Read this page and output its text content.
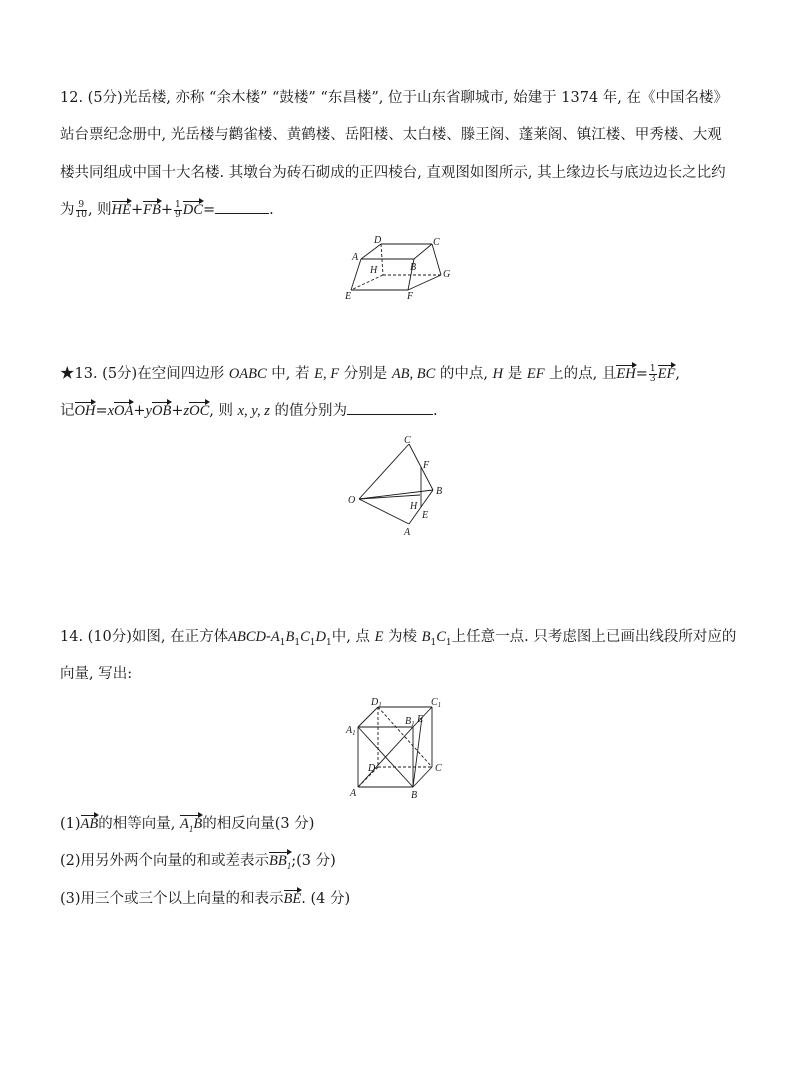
12. (5分)光岳楼, 亦称 “余木楼” “鼓楼” “东昌楼”, 位于山东省聊城市, 始建于 1374 年, 在《中国名楼》
站台票纪念册中, 光岳楼与鹳雀楼、黄鹤楼、岳阳楼、太白楼、滕王阁、蓬莱阁、镇江楼、甲秀楼、大观
楼共同组成中国十大名楼. 其墩台为砖石砌成的正四棱台, 直观图如图所示, 其上缘边长与底边边长之比约
为 $\frac{9}{10}$ , 则$HE+FB+ \frac{1}{9} DC=$	.
D	C
A
B
H	G
E	F
★13. (5分)在空间四边形 OABC 中, 若 E, F 分别是 AB, BC 的中点, H 是 EF 上的点, 且$EH= \frac{1}{3}$ EF,
记OH=xOA+yOB+zOC, 则 x, y, z 的值分别为	.
C
F
B
O
H
E
A
14. (10分)如图, 在正方体ABCD-$A_1B_1C_1D_1$中, 点 E 为棱 $B_1C_1$上任意一点. 只考虑图上已画出线段所对应的
向量, 写出:
$D_1$	$C_1$
$B_1$ E
$A_1$
D	C
A	B
(1)AB的相等向量, $A_1B$的相反向量(3 分)
(2)用另外两个向量的和或差表示$BB_1;(3$ 分)
(3)用三个或三个以上向量的和表示BE. (4 分)
